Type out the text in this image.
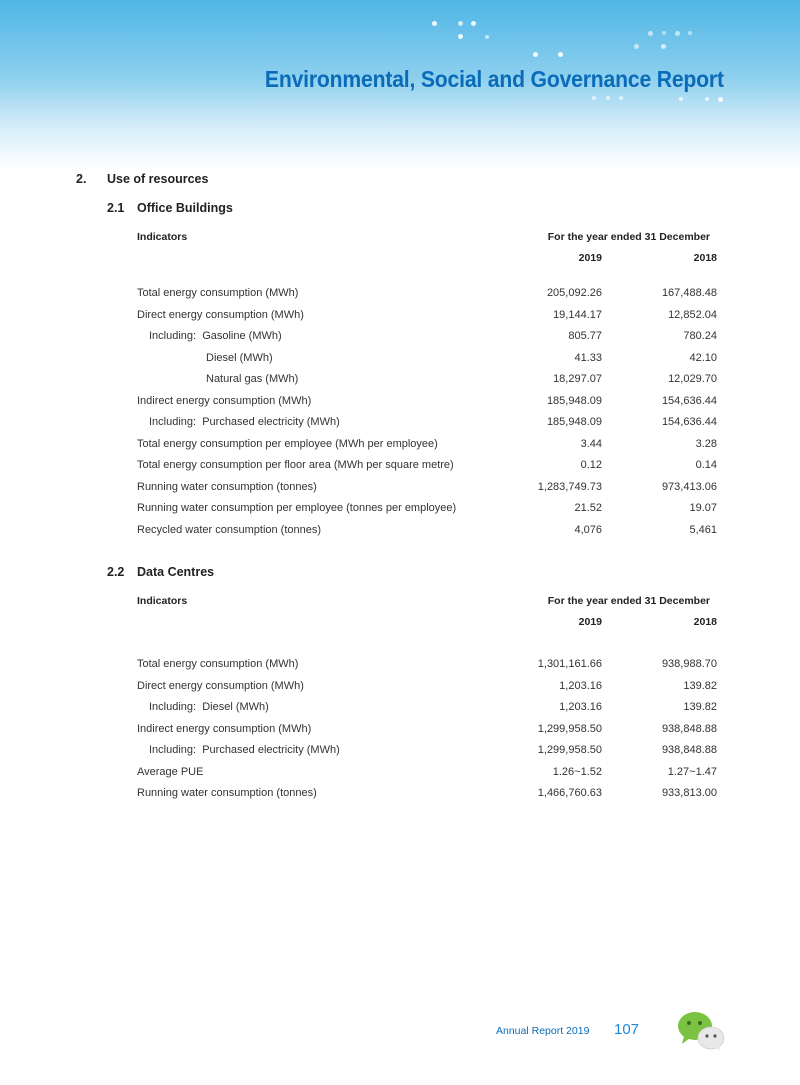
Environmental, Social and Governance Report
2. Use of resources
2.1 Office Buildings
Indicators	For the year ended 31 December
2019	2018
Total energy consumption (MWh)	205,092.26	167,488.48
Direct energy consumption (MWh)	19,144.17	12,852.04
Including:  Gasoline (MWh)	805.77	780.24
Diesel (MWh)	41.33	42.10
Natural gas (MWh)	18,297.07	12,029.70
Indirect energy consumption (MWh)	185,948.09	154,636.44
Including:  Purchased electricity (MWh)	185,948.09	154,636.44
Total energy consumption per employee (MWh per employee)	3.44	3.28
Total energy consumption per floor area (MWh per square metre)	0.12	0.14
Running water consumption (tonnes)	1,283,749.73	973,413.06
Running water consumption per employee (tonnes per employee)	21.52	19.07
Recycled water consumption (tonnes)	4,076	5,461
2.2 Data Centres
Indicators	For the year ended 31 December
2019	2018
Total energy consumption (MWh)	1,301,161.66	938,988.70
Direct energy consumption (MWh)	1,203.16	139.82
Including:  Diesel (MWh)	1,203.16	139.82
Indirect energy consumption (MWh)	1,299,958.50	938,848.88
Including:  Purchased electricity (MWh)	1,299,958.50	938,848.88
Average PUE	1.26~1.52	1.27~1.47
Running water consumption (tonnes)	1,466,760.63	933,813.00
Annual Report 2019 107
